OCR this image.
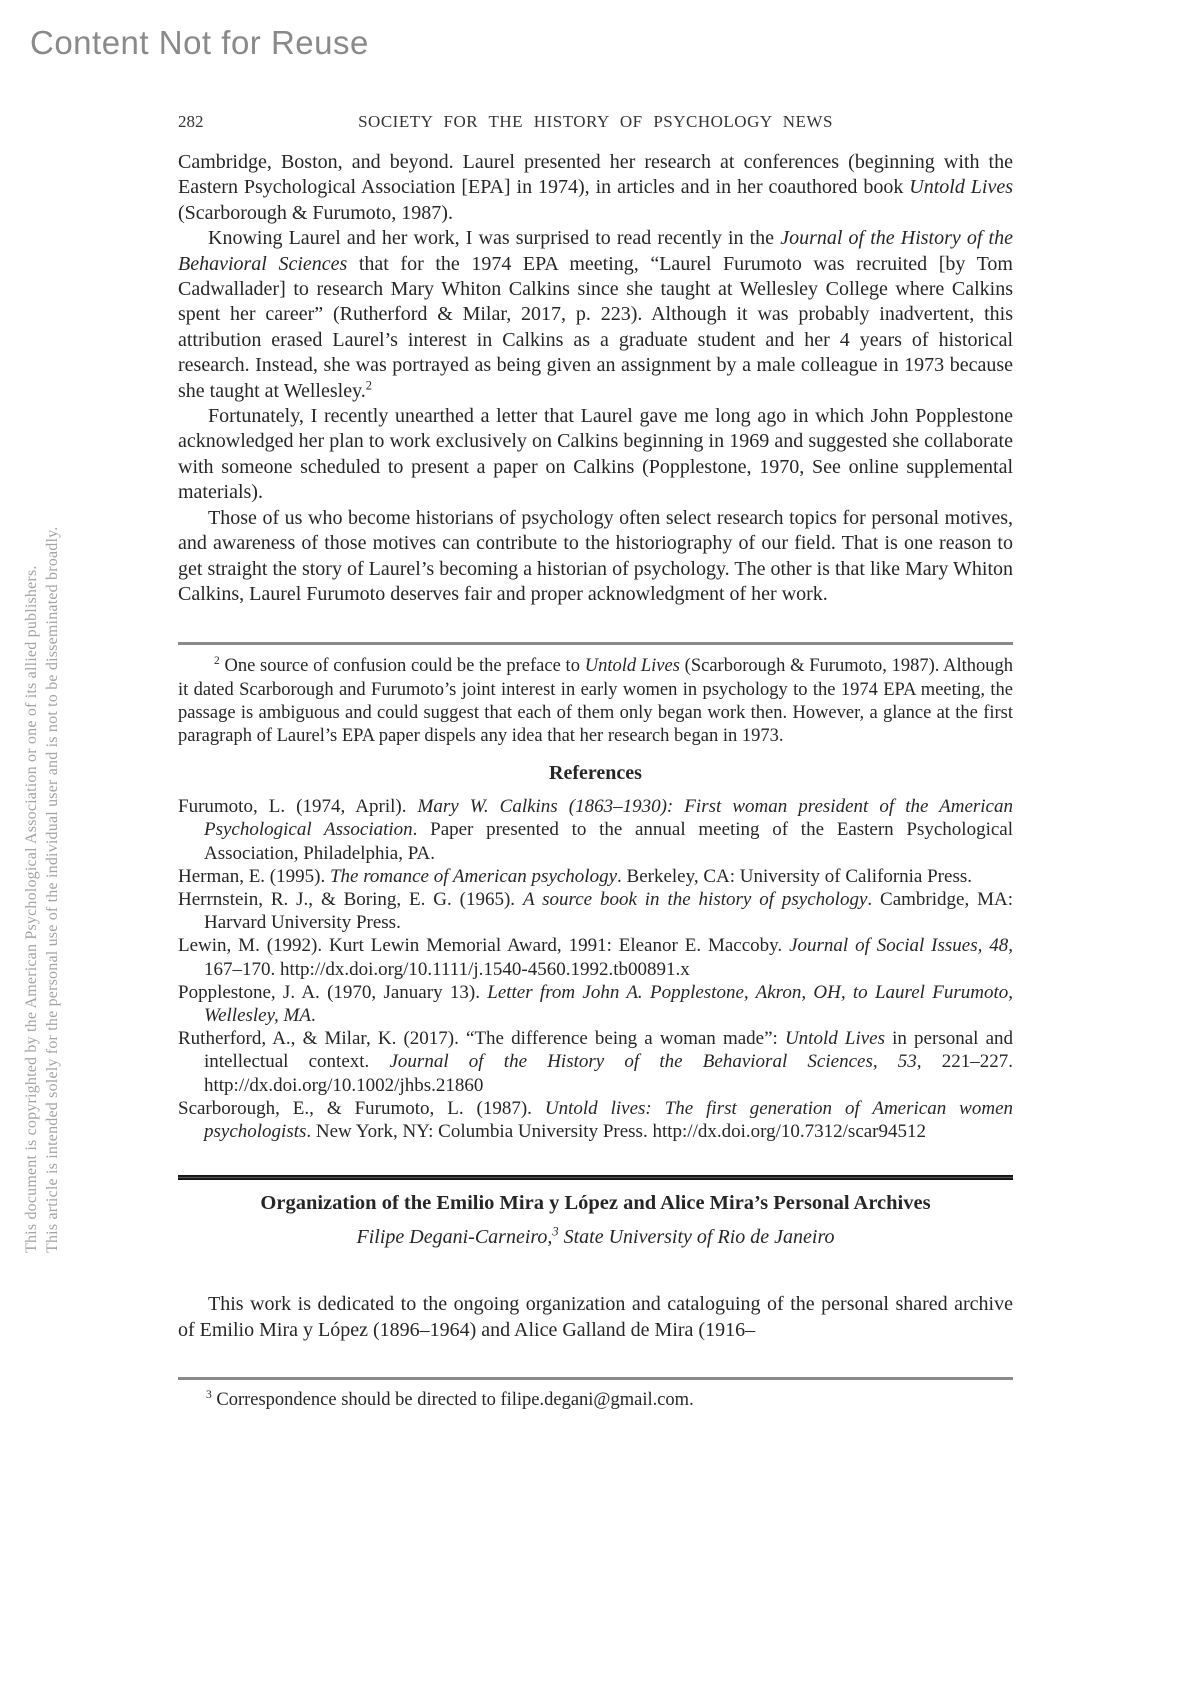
Content Not for Reuse
This document is copyrighted by the American Psychological Association or one of its allied publishers. This article is intended solely for the personal use of the individual user and is not to be disseminated broadly.
282	SOCIETY FOR THE HISTORY OF PSYCHOLOGY NEWS

Cambridge, Boston, and beyond. Laurel presented her research at conferences (beginning with the Eastern Psychological Association [EPA] in 1974), in articles and in her coauthored book Untold Lives (Scarborough & Furumoto, 1987).

Knowing Laurel and her work, I was surprised to read recently in the Journal of the History of the Behavioral Sciences that for the 1974 EPA meeting, “Laurel Furumoto was recruited [by Tom Cadwallader] to research Mary Whiton Calkins since she taught at Wellesley College where Calkins spent her career” (Rutherford & Milar, 2017, p. 223). Although it was probably inadvertent, this attribution erased Laurel’s interest in Calkins as a graduate student and her 4 years of historical research. Instead, she was portrayed as being given an assignment by a male colleague in 1973 because she taught at Wellesley.$^2$

Fortunately, I recently unearthed a letter that Laurel gave me long ago in which John Popplestone acknowledged her plan to work exclusively on Calkins beginning in 1969 and suggested she collaborate with someone scheduled to present a paper on Calkins (Popplestone, 1970, See online supplemental materials).

Those of us who become historians of psychology often select research topics for personal motives, and awareness of those motives can contribute to the historiography of our field. That is one reason to get straight the story of Laurel’s becoming a historian of psychology. The other is that like Mary Whiton Calkins, Laurel Furumoto deserves fair and proper acknowledgment of her work.

$^2$ One source of confusion could be the preface to Untold Lives (Scarborough & Furumoto, 1987). Although it dated Scarborough and Furumoto’s joint interest in early women in psychology to the 1974 EPA meeting, the passage is ambiguous and could suggest that each of them only began work then. However, a glance at the first paragraph of Laurel’s EPA paper dispels any idea that her research began in 1973.

References

Furumoto, L. (1974, April). Mary W. Calkins (1863–1930): First woman president of the American Psychological Association. Paper presented to the annual meeting of the Eastern Psychological Association, Philadelphia, PA.

Herman, E. (1995). The romance of American psychology. Berkeley, CA: University of California Press.

Herrnstein, R. J., & Boring, E. G. (1965). A source book in the history of psychology. Cambridge, MA: Harvard University Press.

Lewin, M. (1992). Kurt Lewin Memorial Award, 1991: Eleanor E. Maccoby. Journal of Social Issues, 48, 167–170. http://dx.doi.org/10.1111/j.1540-4560.1992.tb00891.x

Popplestone, J. A. (1970, January 13). Letter from John A. Popplestone, Akron, OH, to Laurel Furumoto, Wellesley, MA.

Rutherford, A., & Milar, K. (2017). “The difference being a woman made”: Untold Lives in personal and intellectual context. Journal of the History of the Behavioral Sciences, 53, 221–227. http://dx.doi.org/10.1002/jhbs.21860

Scarborough, E., & Furumoto, L. (1987). Untold lives: The first generation of American women psychologists. New York, NY: Columbia University Press. http://dx.doi.org/10.7312/scar94512

Organization of the Emilio Mira y López and Alice Mira’s Personal Archives

Filipe Degani-Carneiro,$^3$ State University of Rio de Janeiro

This work is dedicated to the ongoing organization and cataloguing of the personal shared archive of Emilio Mira y López (1896–1964) and Alice Galland de Mira (1916–

$^3$ Correspondence should be directed to filipe.degani@gmail.com.
